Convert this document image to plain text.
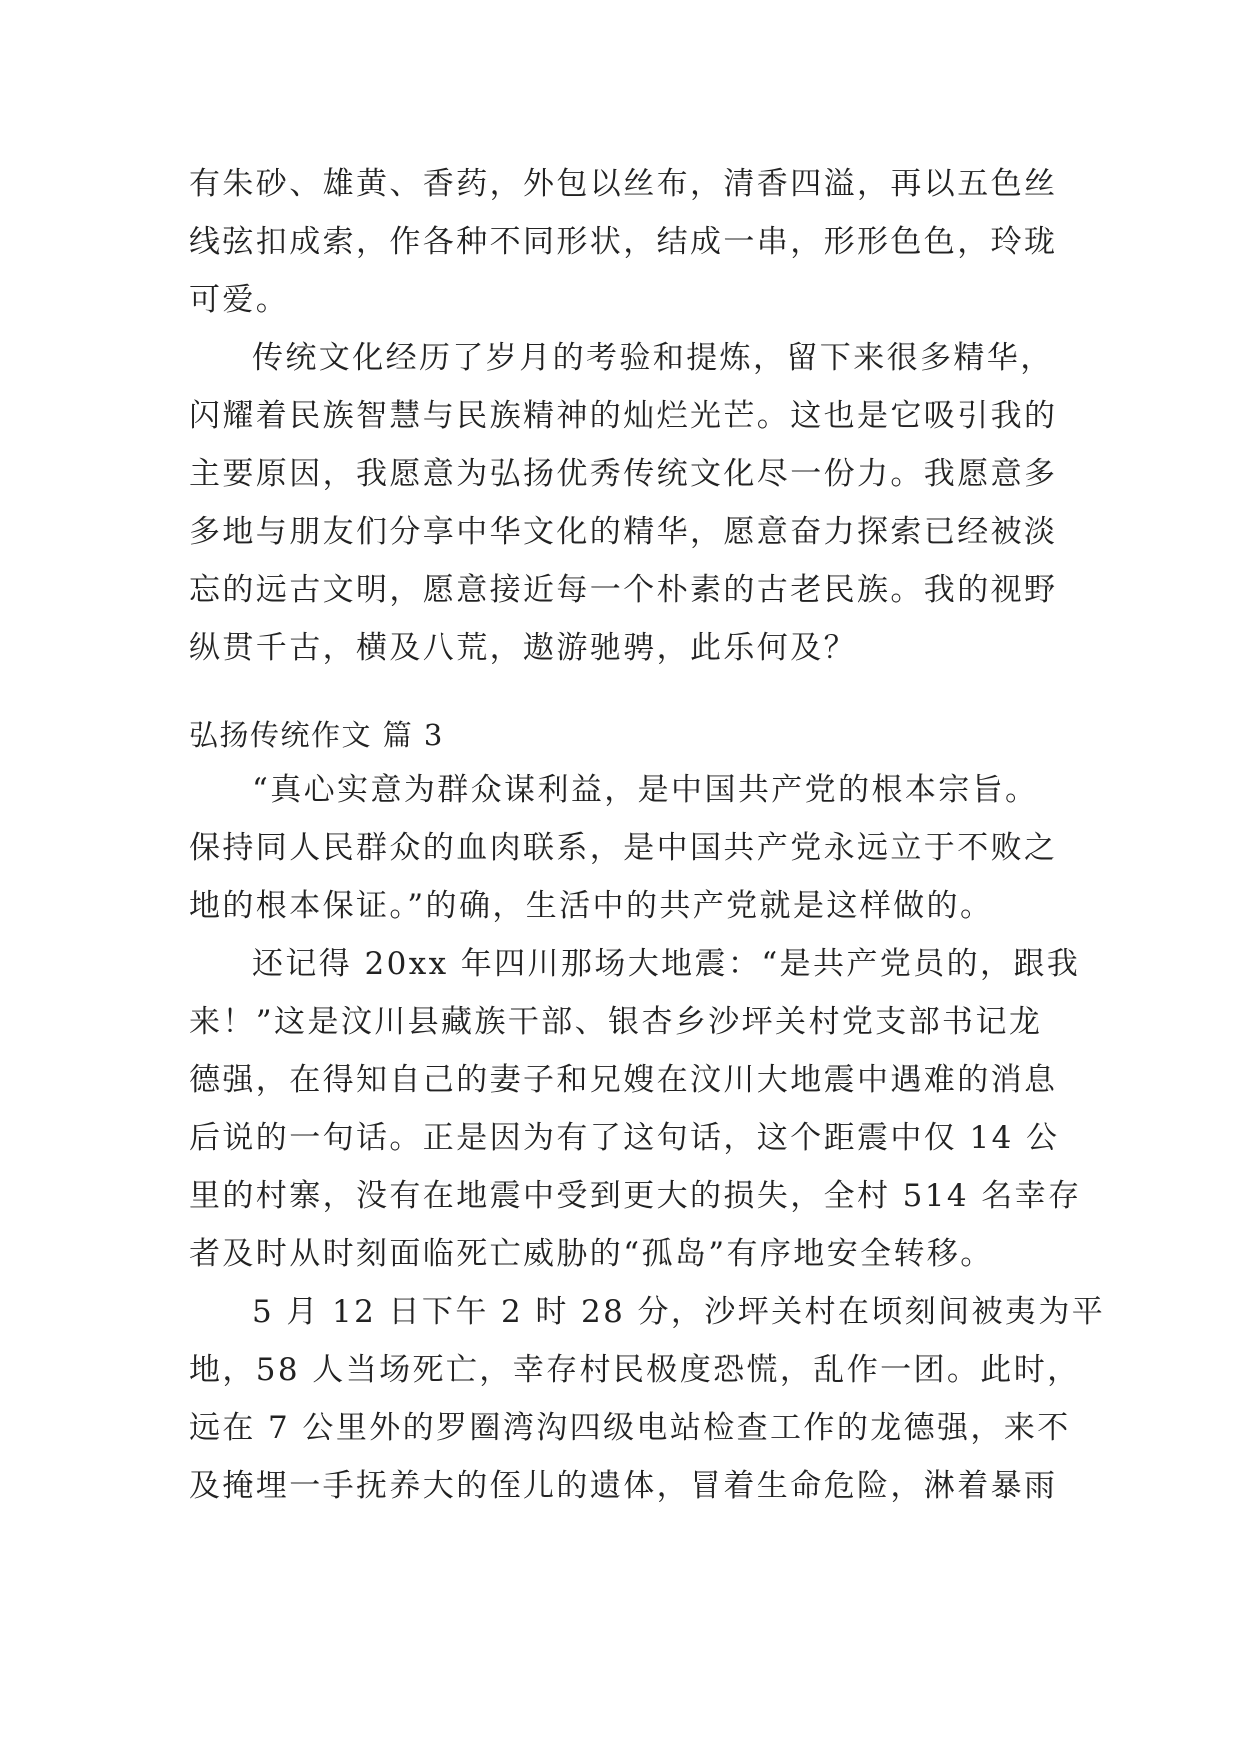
有朱砂、雄黄、香药，外包以丝布，清香四溢，再以五色丝
线弦扣成索，作各种不同形状，结成一串，形形色色，玲珑
可爱。
传统文化经历了岁月的考验和提炼，留下来很多精华，
闪耀着民族智慧与民族精神的灿烂光芒。这也是它吸引我的
主要原因，我愿意为弘扬优秀传统文化尽一份力。我愿意多
多地与朋友们分享中华文化的精华，愿意奋力探索已经被淡
忘的远古文明，愿意接近每一个朴素的古老民族。我的视野
纵贯千古，横及八荒，遨游驰骋，此乐何及？
弘扬传统作文 篇 3
“真心实意为群众谋利益，是中国共产党的根本宗旨。
保持同人民群众的血肉联系，是中国共产党永远立于不败之
地的根本保证。”的确，生活中的共产党就是这样做的。
还记得 20xx 年四川那场大地震：“是共产党员的，跟我
来！”这是汶川县藏族干部、银杏乡沙坪关村党支部书记龙
德强，在得知自己的妻子和兄嫂在汶川大地震中遇难的消息
后说的一句话。正是因为有了这句话，这个距震中仅 14 公
里的村寨，没有在地震中受到更大的损失，全村 514 名幸存
者及时从时刻面临死亡威胁的“孤岛”有序地安全转移。
5 月 12 日下午 2 时 28 分，沙坪关村在顷刻间被夷为平
地，58 人当场死亡，幸存村民极度恐慌，乱作一团。此时，
远在 7 公里外的罗圈湾沟四级电站检查工作的龙德强，来不
及掩埋一手抚养大的侄儿的遗体，冒着生命危险，淋着暴雨
